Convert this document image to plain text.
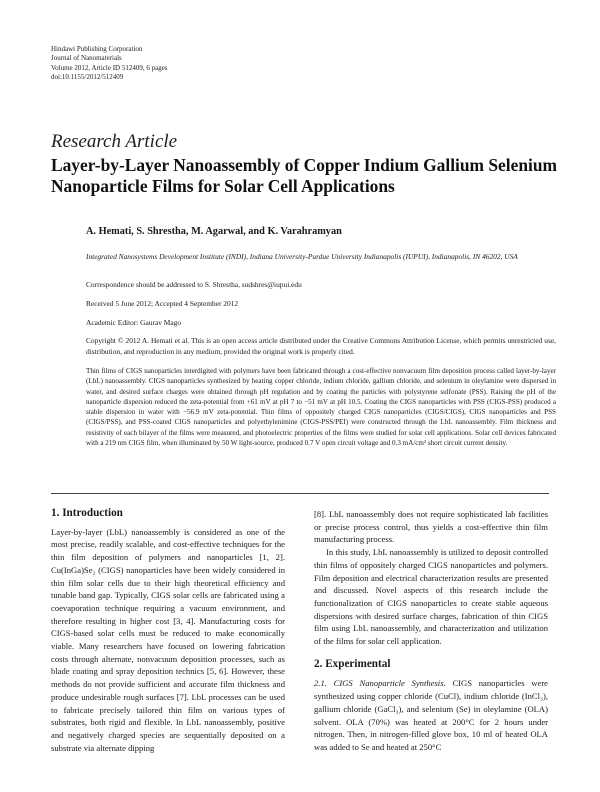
Hindawi Publishing Corporation
Journal of Nanomaterials
Volume 2012, Article ID 512409, 6 pages
doi:10.1155/2012/512409
Research Article
Layer-by-Layer Nanoassembly of Copper Indium Gallium Selenium Nanoparticle Films for Solar Cell Applications
A. Hemati, S. Shrestha, M. Agarwal, and K. Varahramyan
Integrated Nanosystems Development Institute (INDI), Indiana University-Purdue University Indianapolis (IUPUI), Indianapolis, IN 46202, USA
Correspondence should be addressed to S. Shrestha, sudshres@iupui.edu
Received 5 June 2012; Accepted 4 September 2012
Academic Editor: Gaurav Mago
Copyright © 2012 A. Hemati et al. This is an open access article distributed under the Creative Commons Attribution License, which permits unrestricted use, distribution, and reproduction in any medium, provided the original work is properly cited.
Thin films of CIGS nanoparticles interdigited with polymers have been fabricated through a cost-effective nonvacuum film deposition process called layer-by-layer (LbL) nanoassembly. CIGS nanoparticles synthesized by heating copper chloride, indium chloride, gallium chloride, and selenium in oleylamine were dispersed in water, and desired surface charges were obtained through pH regulation and by coating the particles with polystyrene sulfonate (PSS). Raising the pH of the nanoparticle dispersion reduced the zeta-potential from +61 mV at pH 7 to −51 mV at pH 10.5. Coating the CIGS nanoparticles with PSS (CIGS-PSS) produced a stable dispersion in water with −56.9 mV zeta-potential. Thin films of oppositely charged CIGS nanoparticles (CIGS/CIGS), CIGS nanoparticles and PSS (CIGS/PSS), and PSS-coated CIGS nanoparticles and polyethylenimine (CIGS-PSS/PEI) were constructed through the LbL nanoassembly. Film thickness and resistivity of each bilayer of the films were measured, and photoelectric properties of the films were studied for solar cell applications. Solar cell devices fabricated with a 219 nm CIGS film, when illuminated by 50 W light-source, produced 0.7 V open circuit voltage and 0.3 mA/cm² short circuit current density.
1. Introduction

Layer-by-layer (LbL) nanoassembly is considered as one of the most precise, readily scalable, and cost-effective techniques for the thin film deposition of polymers and nanoparticles [1, 2]. Cu(InGa)Se₂ (CIGS) nanoparticles have been widely considered in thin film solar cells due to their high theoretical efficiency and tunable band gap. Typically, CIGS solar cells are fabricated using a coevaporation technique requiring a vacuum environment, and therefore resulting in higher cost [3, 4]. Manufacturing costs for CIGS-based solar cells must be reduced to make economically viable. Many researchers have focused on lowering fabrication costs through alternate, nonvacuum deposition processes, such as blade coating and spray deposition technics [5, 6]. However, these methods do not provide sufficient and accurate film thickness and produce undesirable rough surfaces [7]. LbL processes can be used to fabricate precisely tailored thin film on various types of substrates, both rigid and flexible. In LbL nanoassembly, positive and negatively charged species are sequentially deposited on a substrate via alternate dipping

[8]. LbL nanoassembly does not require sophisticated lab facilities or precise process control, thus yields a cost-effective thin film manufacturing process.

In this study, LbL nanoassembly is utilized to deposit controlled thin films of oppositely charged CIGS nanoparticles and polymers. Film deposition and electrical characterization results are presented and discussed. Novel aspects of this research include the functionalization of CIGS nanoparticles to create stable aqueous dispersions with desired surface charges, fabrication of thin CIGS film using LbL nanoassembly, and characterization and utilization of the films for solar cell application.

2. Experimental

2.1. CIGS Nanoparticle Synthesis. CIGS nanoparticles were synthesized using copper chloride (CuCl), indium chloride (InCl₃), gallium chloride (GaCl₃), and selenium (Se) in oleylamine (OLA) solvent. OLA (70%) was heated at 200°C for 2 hours under nitrogen. Then, in nitrogen-filled glove box, 10 ml of heated OLA was added to Se and heated at 250°C
